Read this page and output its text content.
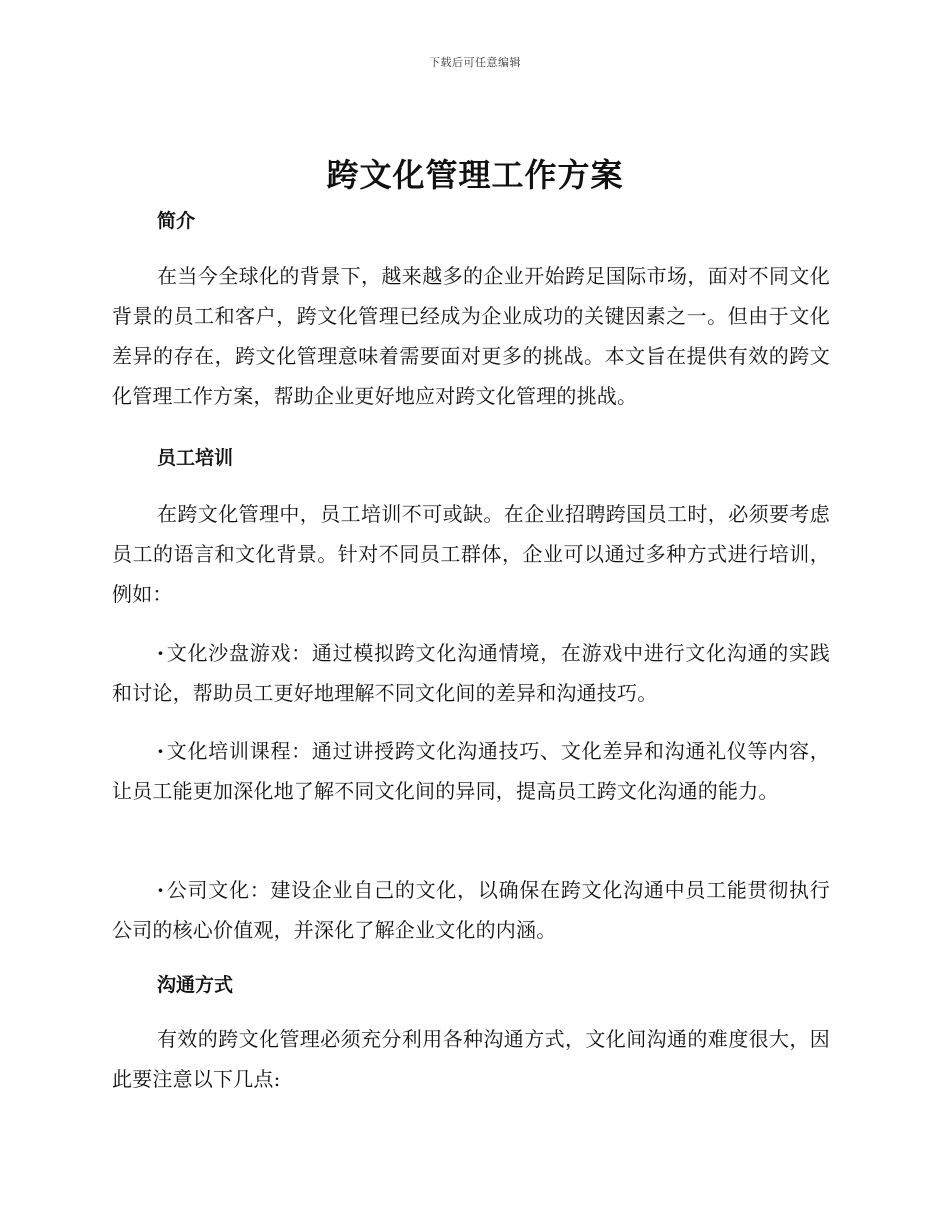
下载后可任意编辑
跨文化管理工作方案
简介

在当今全球化的背景下，越来越多的企业开始跨足国际市场，面对不同文化背景的员工和客户，跨文化管理已经成为企业成功的关键因素之一。但由于文化差异的存在，跨文化管理意味着需要面对更多的挑战。本文旨在提供有效的跨文化管理工作方案，帮助企业更好地应对跨文化管理的挑战。

员工培训

在跨文化管理中，员工培训不可或缺。在企业招聘跨国员工时，必须要考虑员工的语言和文化背景。针对不同员工群体，企业可以通过多种方式进行培训，例如：

· 文化沙盘游戏：通过模拟跨文化沟通情境，在游戏中进行文化沟通的实践和讨论，帮助员工更好地理解不同文化间的差异和沟通技巧。

· 文化培训课程：通过讲授跨文化沟通技巧、文化差异和沟通礼仪等内容，让员工能更加深化地了解不同文化间的异同，提高员工跨文化沟通的能力。

· 公司文化：建设企业自己的文化，以确保在跨文化沟通中员工能贯彻执行公司的核心价值观，并深化了解企业文化的内涵。

沟通方式

有效的跨文化管理必须充分利用各种沟通方式，文化间沟通的难度很大，因此要注意以下几点:
